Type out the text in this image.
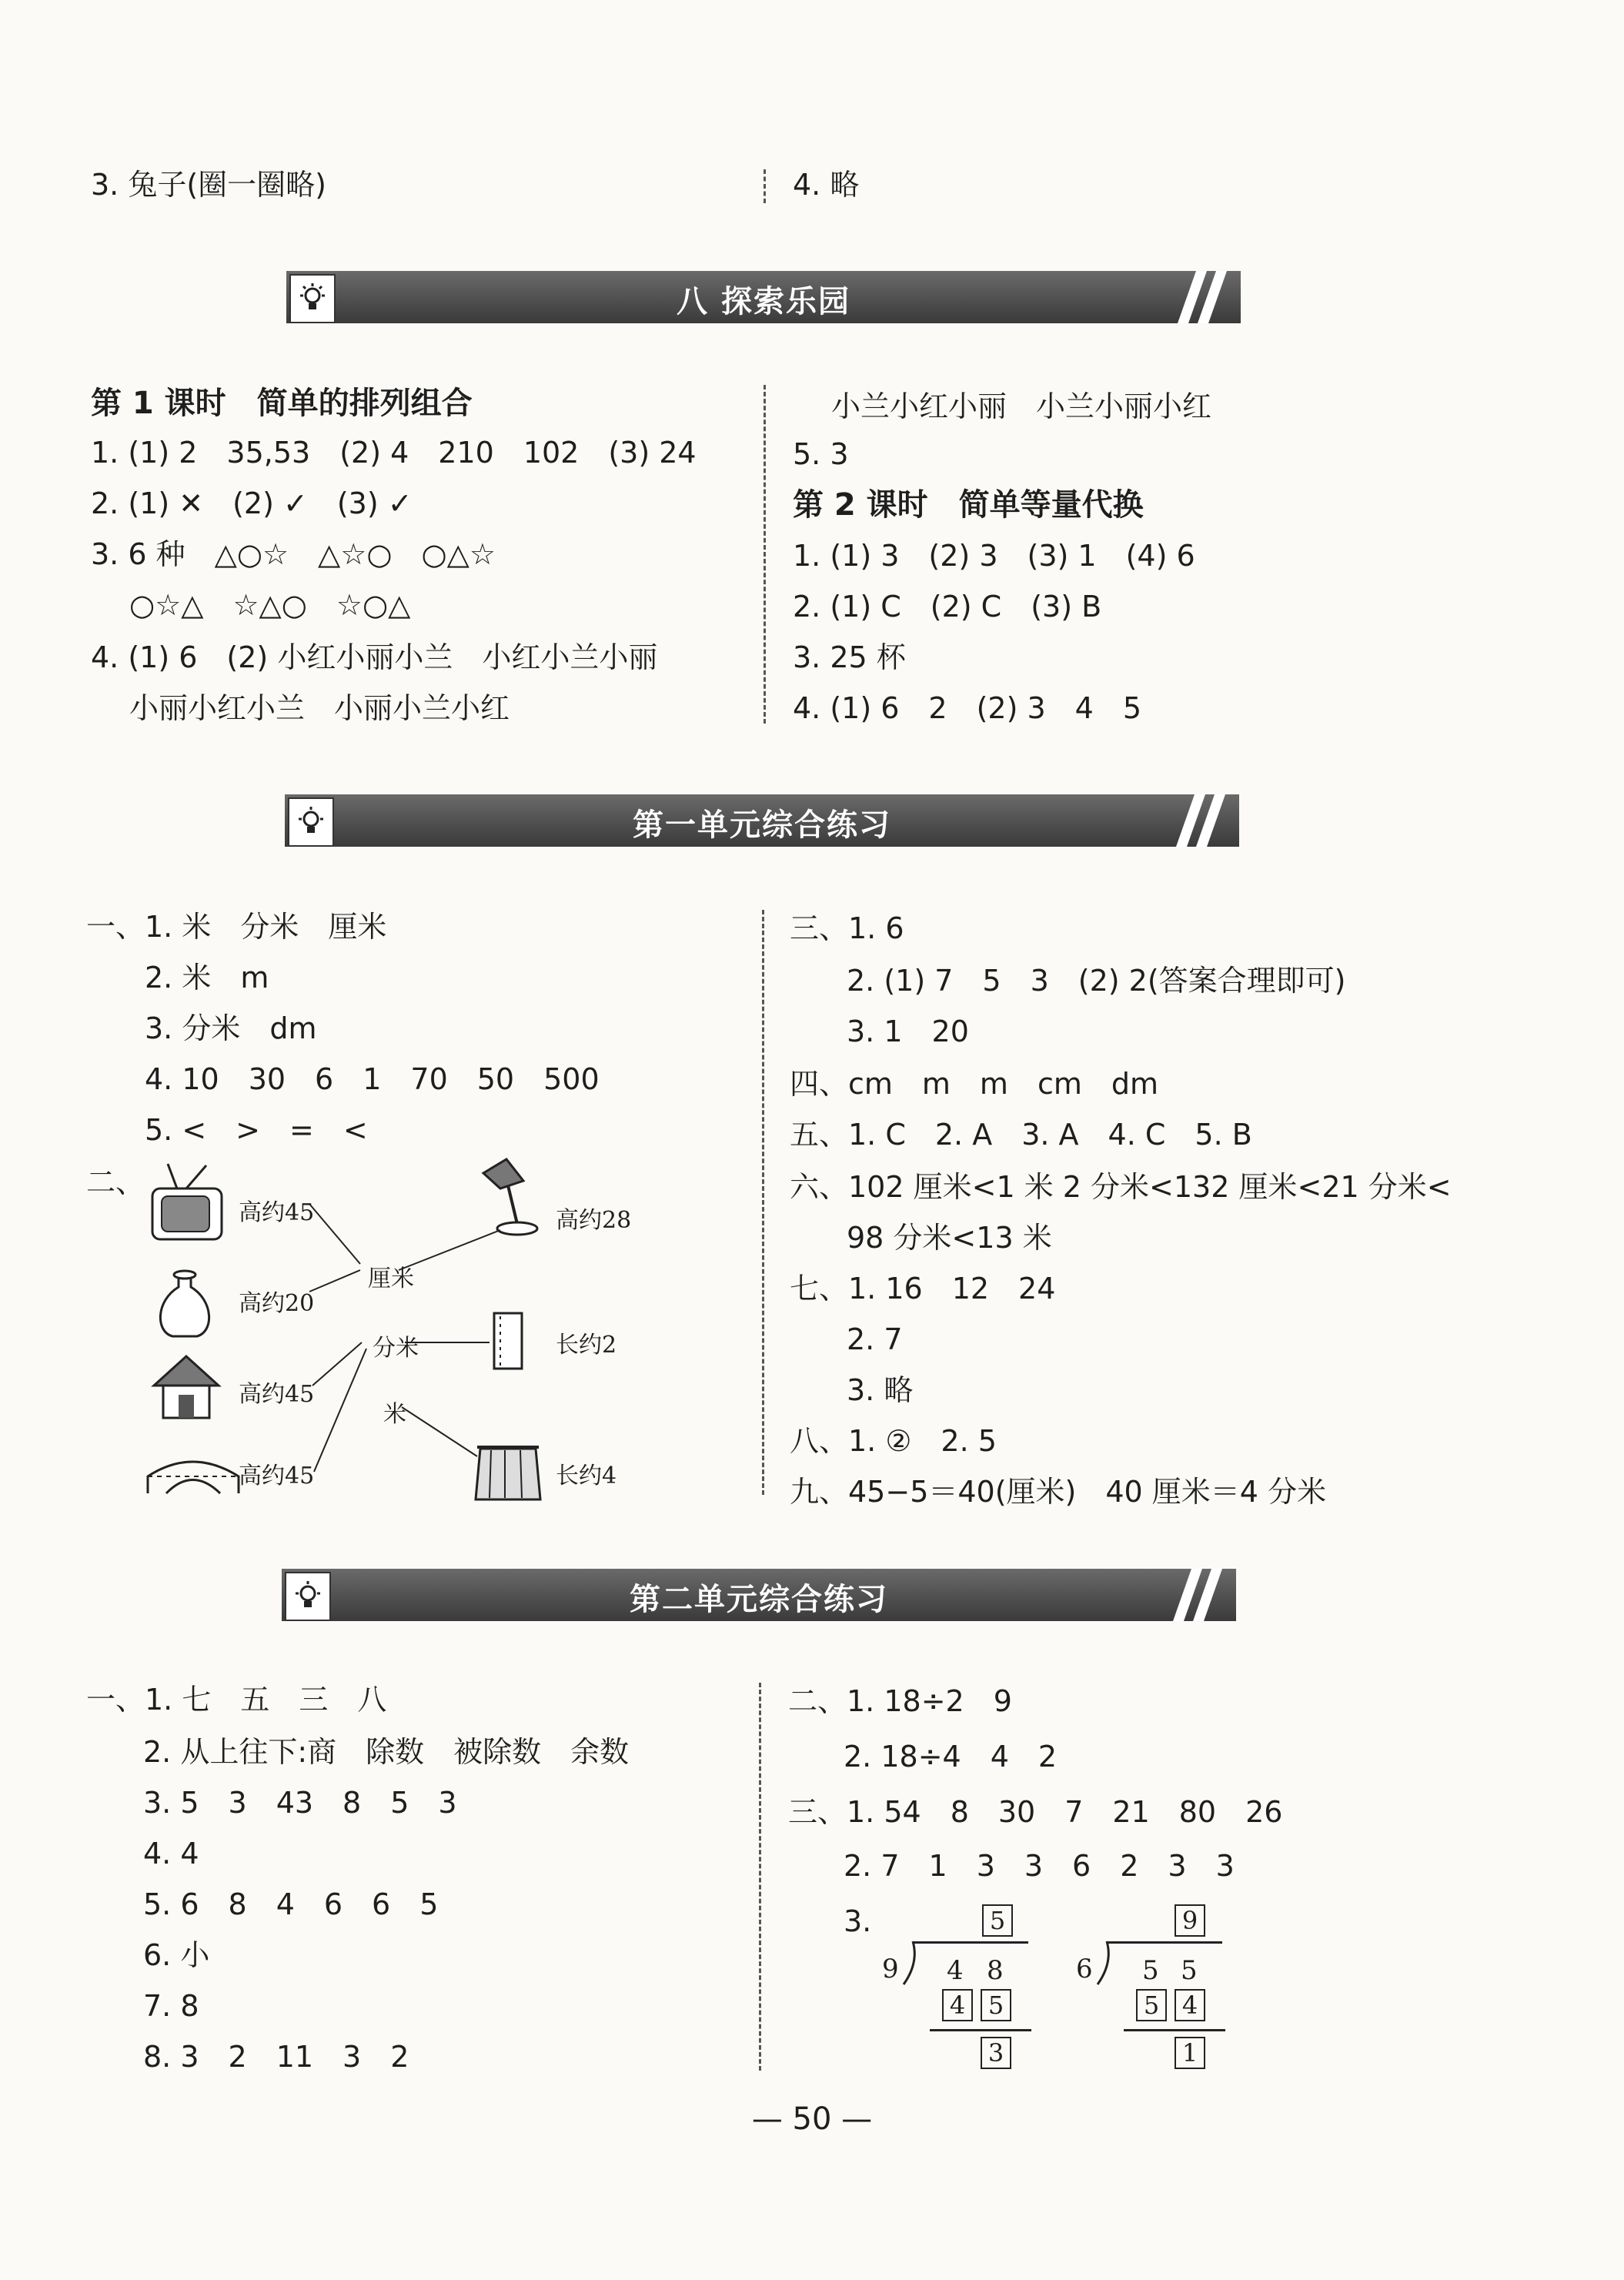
3. 兔子(圈一圈略)	4. 略
八 探索乐园
第 1 课时　简单的排列组合
1. (1) 2　35,53　(2) 4　210　102　(3) 24
2. (1) ✕　(2) ✓　(3) ✓
3. 6 种　△○☆　△☆○　○△☆
○☆△　☆△○　☆○△
4. (1) 6　(2) 小红小丽小兰　小红小兰小丽
小丽小红小兰　小丽小兰小红
小兰小红小丽　小兰小丽小红
5. 3
第 2 课时　简单等量代换
1. (1) 3　(2) 3　(3) 1　(4) 6
2. (1) C　(2) C　(3) B
3. 25 杯
4. (1) 6　2　(2) 3　4　5
第一单元综合练习
一、1. 米　分米　厘米
2. 米　m
3. 分米　dm
4. 10　30　6　1　70　50　500
5. <　>　=　<
二、
高约45
高约20
高约45
高约45
高约28
长约2
长约4
厘米
分米
米
三、1. 6
2. (1) 7　5　3　(2) 2(答案合理即可)
3. 1　20
四、cm　m　m　cm　dm
五、1. C　2. A　3. A　4. C　5. B
六、102 厘米<1 米 2 分米<132 厘米<21 分米<
98 分米<13 米
七、1. 16　12　24
2. 7
3. 略
八、1. ②　2. 5
九、45−5＝40(厘米)　40 厘米＝4 分米
第二单元综合练习
一、1. 七　五　三　八
2. 从上往下:商　除数　被除数　余数
3. 5　3　43　8　5　3
4. 4
5. 6　8　4　6　6　5
6. 小
7. 8
8. 3　2　11　3　2
二、1. 18÷2　9
2. 18÷4　4　2
三、1. 54　8　30　7　21　80　26
2. 7　1　3　3　6　2　3　3
3.	5
9 4 8
4 5
3
9
6 5 5
5 4
1
— 50 —
